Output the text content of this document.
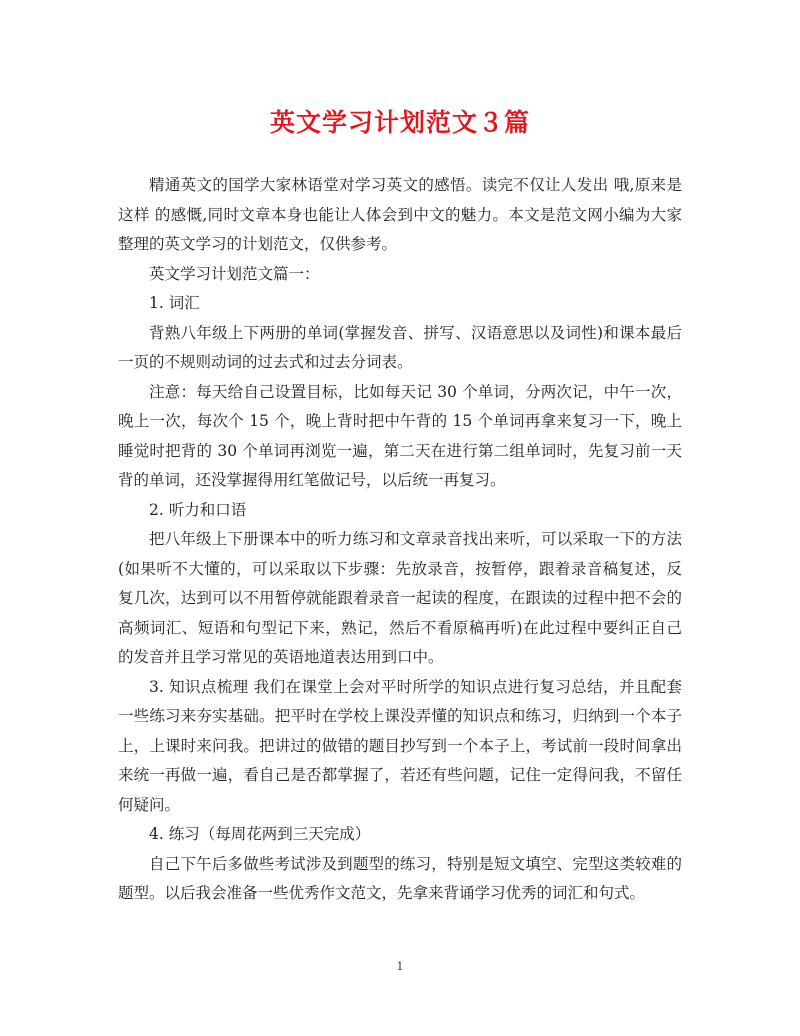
英文学习计划范文３篇

精通英文的国学大家林语堂对学习英文的感悟。读完不仅让人发出 哦,原来是这样 的感慨,同时文章本身也能让人体会到中文的魅力。本文是范文网小编为大家整理的英文学习的计划范文，仅供参考。

英文学习计划范文篇一：

1. 词汇

背熟八年级上下两册的单词(掌握发音、拼写、汉语意思以及词性)和课本最后一页的不规则动词的过去式和过去分词表。

注意：每天给自己设置目标，比如每天记 30 个单词，分两次记，中午一次，晚上一次，每次个 15 个，晚上背时把中午背的 15 个单词再拿来复习一下，晚上睡觉时把背的 30 个单词再浏览一遍，第二天在进行第二组单词时，先复习前一天背的单词，还没掌握得用红笔做记号，以后统一再复习。

2. 听力和口语

把八年级上下册课本中的听力练习和文章录音找出来听，可以采取一下的方法(如果听不大懂的，可以采取以下步骤：先放录音，按暂停，跟着录音稿复述，反复几次，达到可以不用暂停就能跟着录音一起读的程度，在跟读的过程中把不会的高频词汇、短语和句型记下来，熟记，然后不看原稿再听)在此过程中要纠正自己的发音并且学习常见的英语地道表达用到口中。

3. 知识点梳理 我们在课堂上会对平时所学的知识点进行复习总结，并且配套一些练习来夯实基础。把平时在学校上课没弄懂的知识点和练习，归纳到一个本子上，上课时来问我。把讲过的做错的题目抄写到一个本子上，考试前一段时间拿出来统一再做一遍，看自己是否都掌握了，若还有些问题，记住一定得问我，不留任何疑问。

4. 练习（每周花两到三天完成）

自己下午后多做些考试涉及到题型的练习，特别是短文填空、完型这类较难的题型。以后我会准备一些优秀作文范文，先拿来背诵学习优秀的词汇和句式。

1
